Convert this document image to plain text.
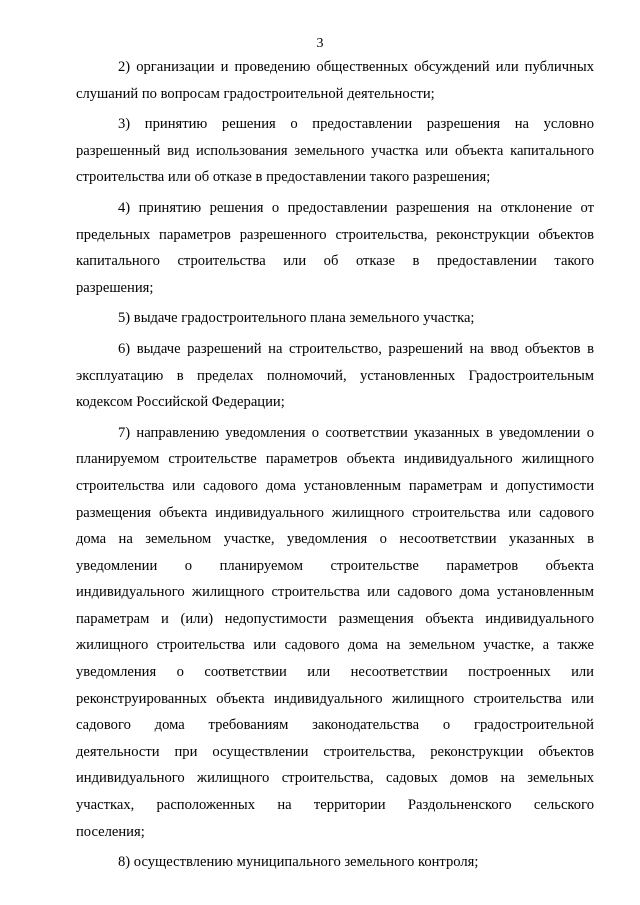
3
2) организации и проведению общественных обсуждений или публичных
слушаний по вопросам градостроительной деятельности;
3) принятию решения о предоставлении разрешения на условно
разрешенный вид использования земельного участка или объекта капитального
строительства или об отказе в предоставлении такого разрешения;
4) принятию решения о предоставлении разрешения на отклонение от
предельных параметров разрешенного строительства, реконструкции объектов
капитального строительства или об отказе в предоставлении такого
разрешения;
5) выдаче градостроительного плана земельного участка;
6) выдаче разрешений на строительство, разрешений на ввод объектов в
эксплуатацию в пределах полномочий, установленных Градостроительным
кодексом Российской Федерации;
7) направлению уведомления о соответствии указанных в уведомлении о
планируемом строительстве параметров объекта индивидуального жилищного
строительства или садового дома установленным параметрам и допустимости
размещения объекта индивидуального жилищного строительства или садового
дома на земельном участке, уведомления о несоответствии указанных в
уведомлении о планируемом строительстве параметров объекта
индивидуального жилищного строительства или садового дома установленным
параметрам и (или) недопустимости размещения объекта индивидуального
жилищного строительства или садового дома на земельном участке, а также
уведомления о соответствии или несоответствии построенных или
реконструированных объекта индивидуального жилищного строительства или
садового дома требованиям законодательства о градостроительной
деятельности при осуществлении строительства, реконструкции объектов
индивидуального жилищного строительства, садовых домов на земельных
участках, расположенных на территории Раздольненского сельского
поселения;
8) осуществлению муниципального земельного контроля;
